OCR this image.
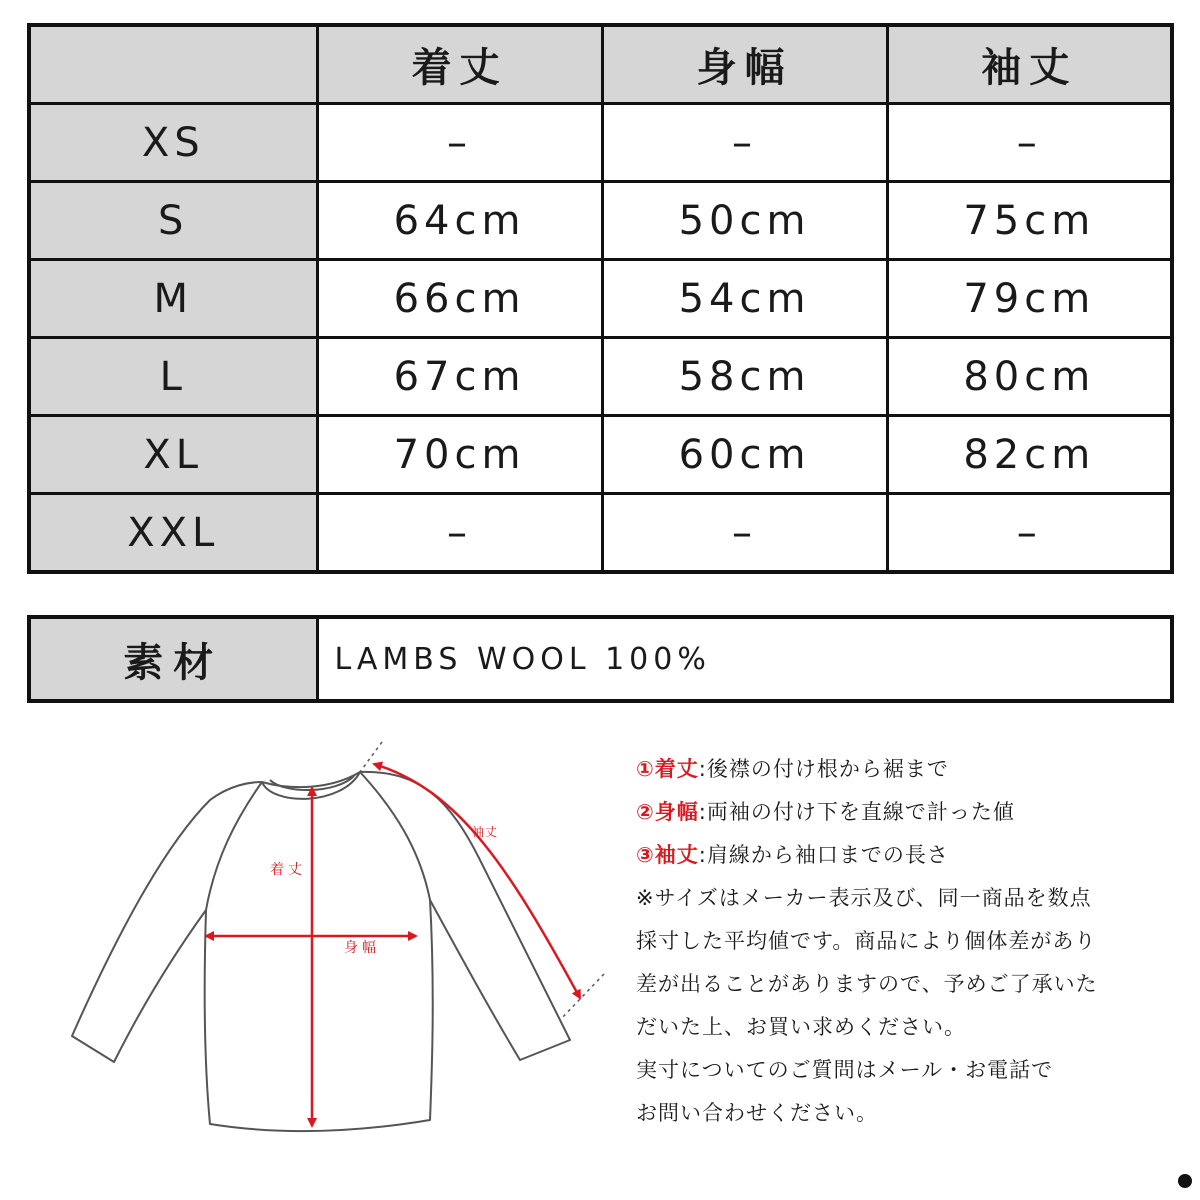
	着丈	身幅	袖丈
XS	–	–	–
S	64cm	50cm	75cm
M	66cm	54cm	79cm
L	67cm	58cm	80cm
XL	70cm	60cm	82cm
XXL	–	–	–
素材	LAMBS WOOL 100%
着丈
身幅
袖丈

①着丈:後襟の付け根から裾まで

②身幅:両袖の付け下を直線で計った値

③袖丈:肩線から袖口までの長さ

※サイズはメーカー表示及び、同一商品を数点

採寸した平均値です。商品により個体差があり

差が出ることがありますので、予めご了承いた

だいた上、お買い求めください。

実寸についてのご質問はメール・お電話で

お問い合わせください。
